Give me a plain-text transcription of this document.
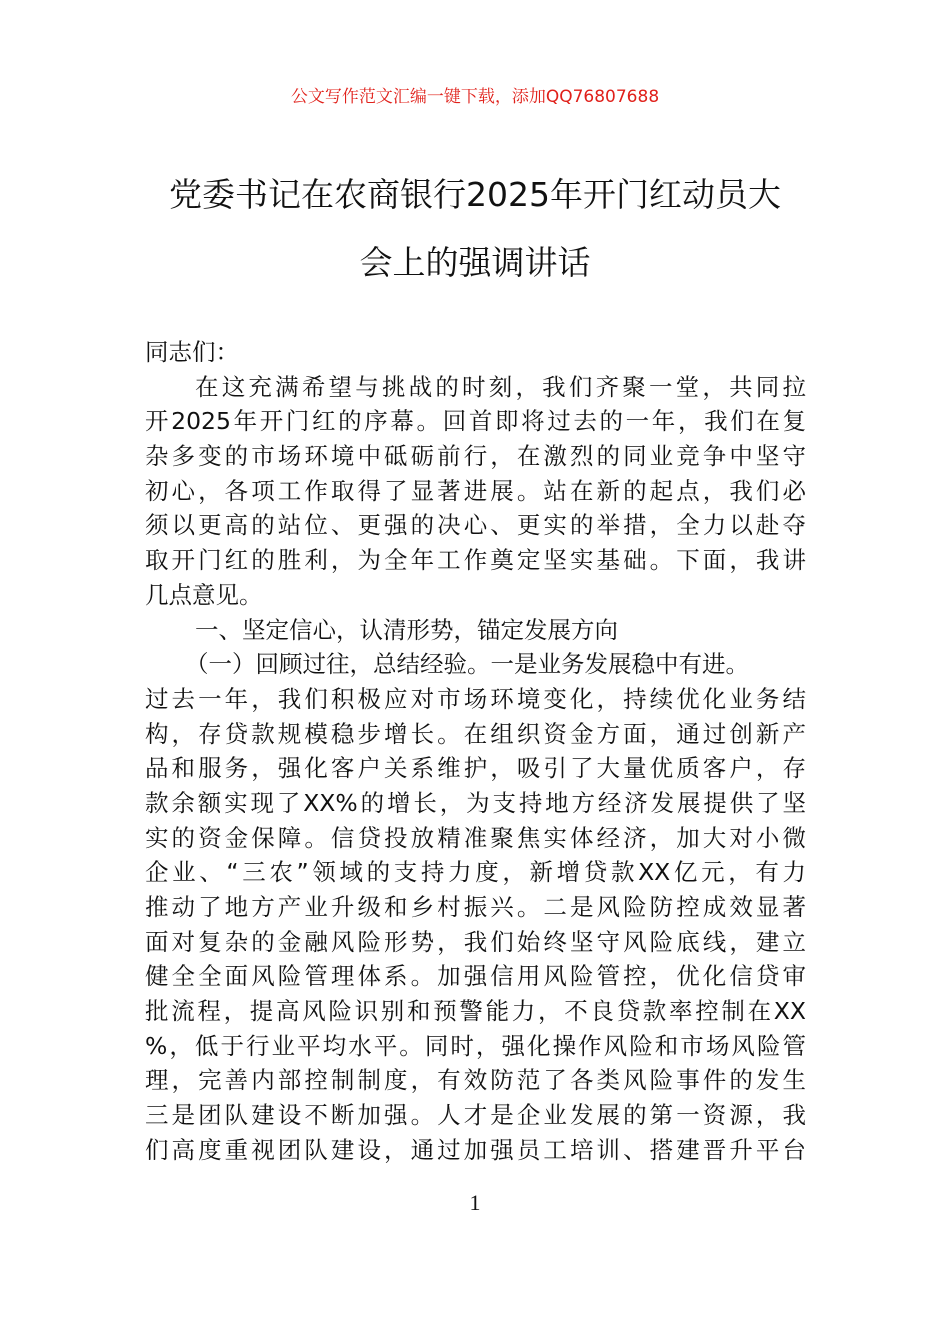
公文写作范文汇编一键下载，添加QQ76807688
党委书记在农商银行2025年开门红动员大
会上的强调讲话
同志们：
在这充满希望与挑战的时刻，我们齐聚一堂，共同拉
开2025年开门红的序幕。回首即将过去的一年，我们在复
杂多变的市场环境中砥砺前行，在激烈的同业竞争中坚守
初心，各项工作取得了显著进展。站在新的起点，我们必
须以更高的站位、更强的决心、更实的举措，全力以赴夺
取开门红的胜利，为全年工作奠定坚实基础。下面，我讲
几点意见。
一、坚定信心，认清形势，锚定发展方向
（一）回顾过往，总结经验。一是业务发展稳中有进。
过去一年，我们积极应对市场环境变化，持续优化业务结
构，存贷款规模稳步增长。在组织资金方面，通过创新产
品和服务，强化客户关系维护，吸引了大量优质客户，存
款余额实现了XX%的增长，为支持地方经济发展提供了坚
实的资金保障。信贷投放精准聚焦实体经济，加大对小微
企业、“三农”领域的支持力度，新增贷款XX亿元，有力
推动了地方产业升级和乡村振兴。二是风险防控成效显著
面对复杂的金融风险形势，我们始终坚守风险底线，建立
健全全面风险管理体系。加强信用风险管控，优化信贷审
批流程，提高风险识别和预警能力，不良贷款率控制在XX
%，低于行业平均水平。同时，强化操作风险和市场风险管
理，完善内部控制制度，有效防范了各类风险事件的发生
三是团队建设不断加强。人才是企业发展的第一资源，我
们高度重视团队建设，通过加强员工培训、搭建晋升平台
1
